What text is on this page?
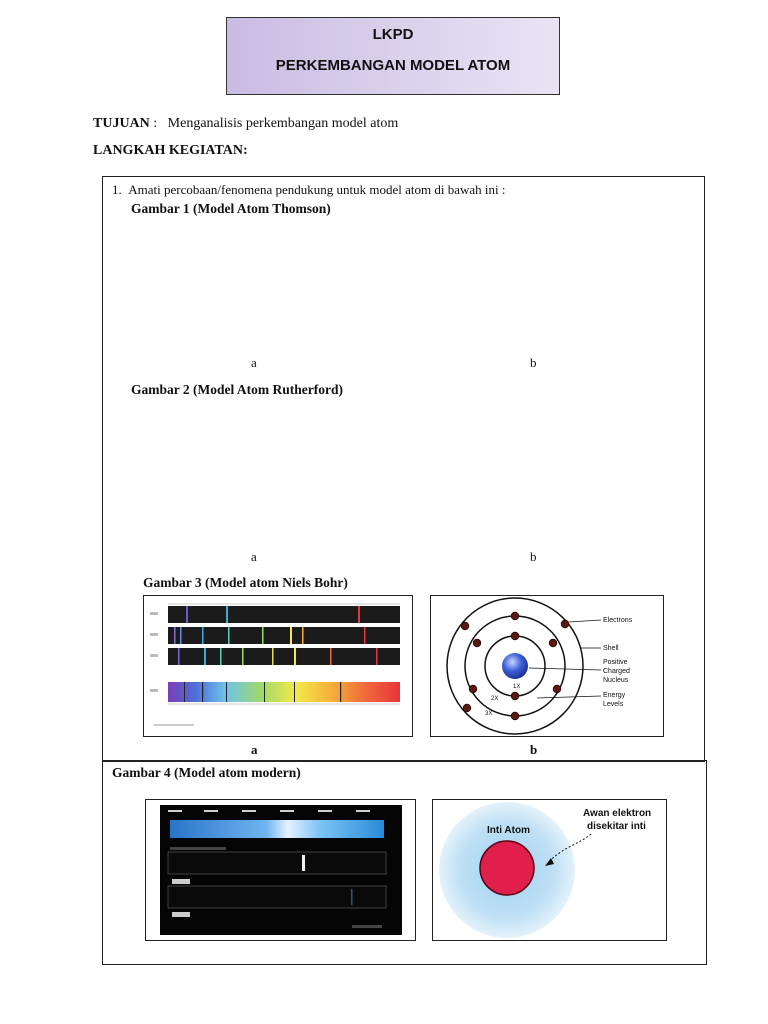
LKPD
PERKEMBANGAN MODEL ATOM
TUJUAN : Menganalisis perkembangan model atom
LANGKAH KEGIATAN:
1. Amati percobaan/fenomena pendukung untuk model atom di bawah ini :
Gambar 1 (Model Atom Thomson)
a	b
Gambar 2 (Model Atom Rutherford)
a	b
Gambar 3 (Model atom Niels Bohr)
Electrons
Shell
Positive
Charged
Nucleus
Energy
Levels
1X
2X
3X
a	b
Gambar 4 (Model atom modern)
Inti Atom
Awan elektron
disekitar inti
